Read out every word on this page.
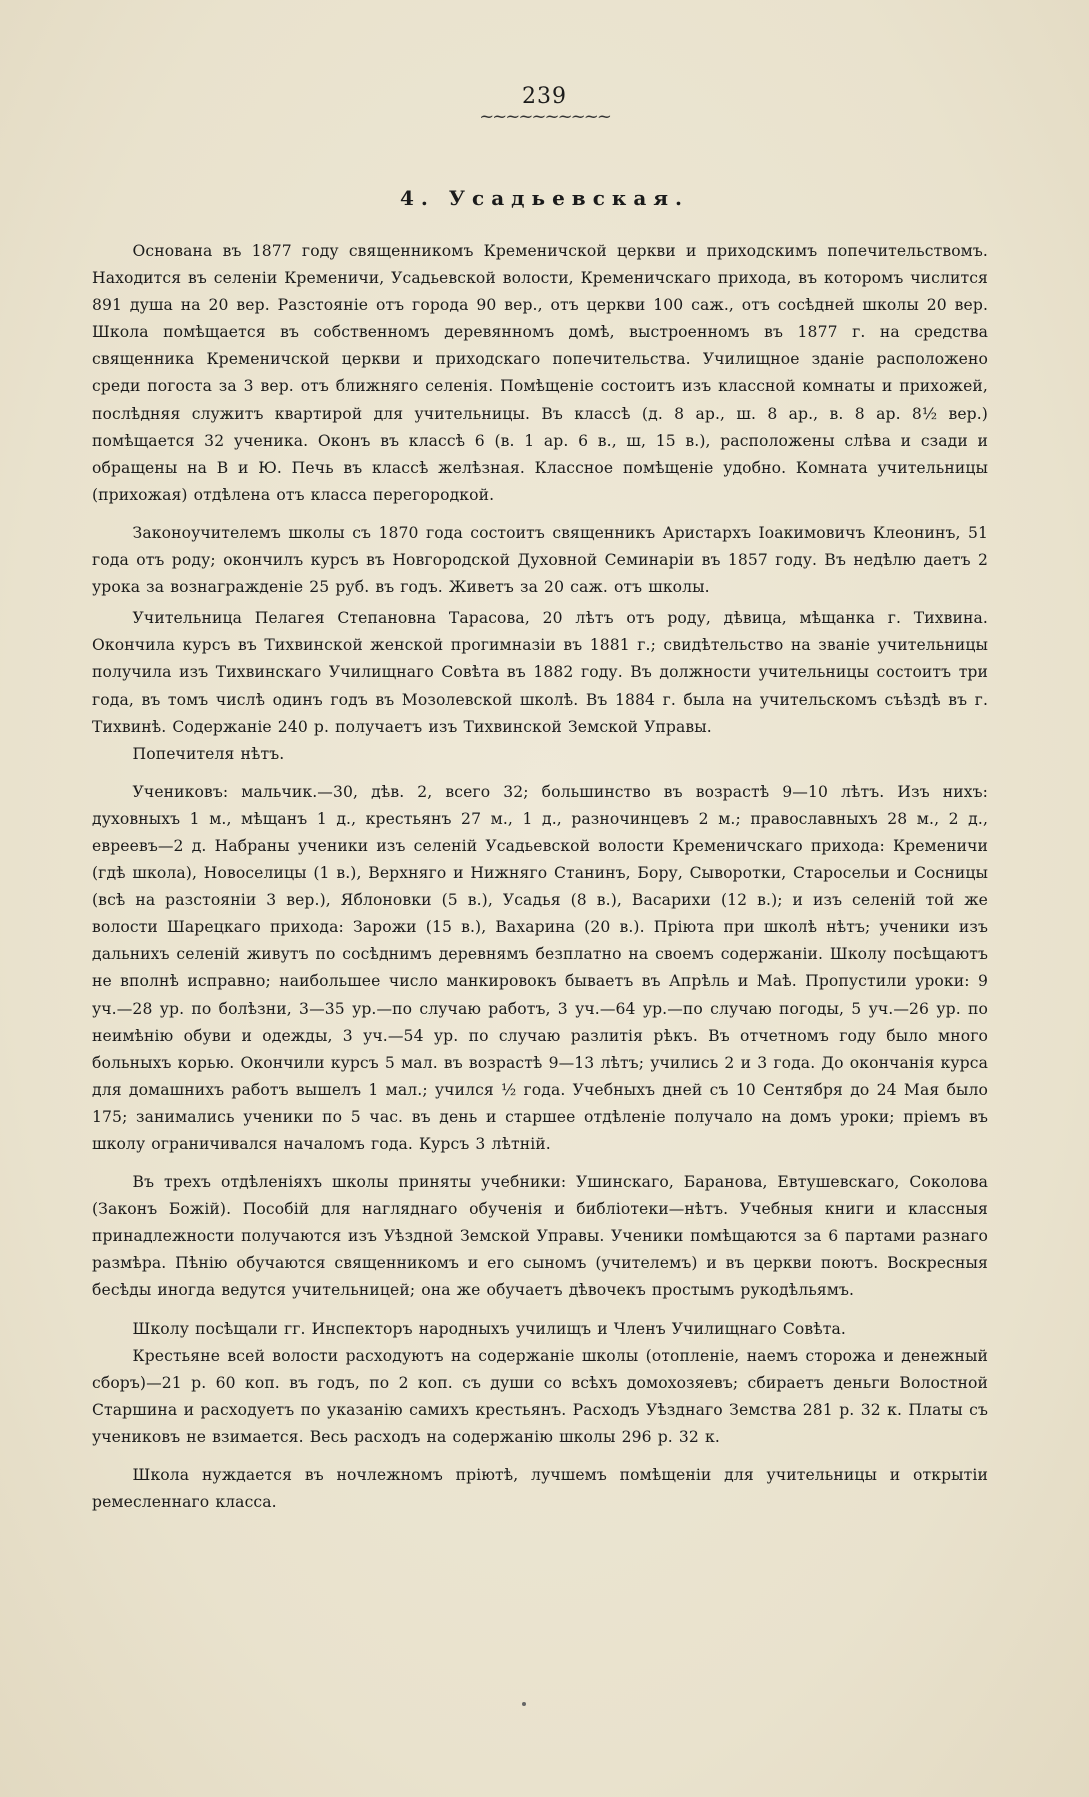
239
~~~~~~~~~~
4. Усадьевская.

Основана въ 1877 году священникомъ Кременичской церкви и приходскимъ попечительствомъ. Находится въ селеніи Кременичи, Усадьевской волости, Кременичскаго прихода, въ которомъ числится 891 душа на 20 вер. Разстояніе отъ города 90 вер., отъ церкви 100 саж., отъ сосѣдней школы 20 вер. Школа помѣщается въ собственномъ деревянномъ домѣ, выстроенномъ въ 1877 г. на средства священника Кременичской церкви и приходскаго попечительства. Училищное зданіе расположено среди погоста за 3 вер. отъ ближняго селенія. Помѣщеніе состоитъ изъ классной комнаты и прихожей, послѣдняя служитъ квартирой для учительницы. Въ классѣ (д. 8 ар., ш. 8 ар., в. 8 ар. 8½ вер.) помѣщается 32 ученика. Оконъ въ классѣ 6 (в. 1 ар. 6 в., ш, 15 в.), расположены слѣва и сзади и обращены на В и Ю. Печь въ классѣ желѣзная. Классное помѣщеніе удобно. Комната учительницы (прихожая) отдѣлена отъ класса перегородкой.

Законоучителемъ школы съ 1870 года состоитъ священникъ Аристархъ Іоакимовичъ Клеонинъ, 51 года отъ роду; окончилъ курсъ въ Новгородской Духовной Семинаріи въ 1857 году. Въ недѣлю даетъ 2 урока за вознагражденіе 25 руб. въ годъ. Живетъ за 20 саж. отъ школы.

Учительница Пелагея Степановна Тарасова, 20 лѣтъ отъ роду, дѣвица, мѣщанка г. Тихвина. Окончила курсъ въ Тихвинской женской прогимназіи въ 1881 г.; свидѣтельство на званіе учительницы получила изъ Тихвинскаго Училищнаго Совѣта въ 1882 году. Въ должности учительницы состоитъ три года, въ томъ числѣ одинъ годъ въ Мозолевской школѣ. Въ 1884 г. была на учительскомъ съѣздѣ въ г. Тихвинѣ. Содержаніе 240 р. получаетъ изъ Тихвинской Земской Управы.

Попечителя нѣтъ.

Учениковъ: мальчик.—30, дѣв. 2, всего 32; большинство въ возрастѣ 9—10 лѣтъ. Изъ нихъ: духовныхъ 1 м., мѣщанъ 1 д., крестьянъ 27 м., 1 д., разночинцевъ 2 м.; православныхъ 28 м., 2 д., евреевъ—2 д. Набраны ученики изъ селеній Усадьевской волости Кременичскаго прихода: Кременичи (гдѣ школа), Новоселицы (1 в.), Верхняго и Нижняго Станинъ, Бору, Сыворотки, Старосельи и Сосницы (всѣ на разстояніи 3 вер.), Яблоновки (5 в.), Усадья (8 в.), Васарихи (12 в.); и изъ селеній той же волости Шарецкаго прихода: Зарожи (15 в.), Вахарина (20 в.). Пріюта при школѣ нѣтъ; ученики изъ дальнихъ селеній живутъ по сосѣднимъ деревнямъ безплатно на своемъ содержаніи. Школу посѣщаютъ не вполнѣ исправно; наибольшее число манкировокъ бываетъ въ Апрѣль и Маѣ. Пропустили уроки: 9 уч.—28 ур. по болѣзни, 3—35 ур.—по случаю работъ, 3 уч.—64 ур.—по случаю погоды, 5 уч.—26 ур. по неимѣнію обуви и одежды, 3 уч.—54 ур. по случаю разлитія рѣкъ. Въ отчетномъ году было много больныхъ корью. Окончили курсъ 5 мал. въ возрастѣ 9—13 лѣтъ; учились 2 и 3 года. До окончанія курса для домашнихъ работъ вышелъ 1 мал.; учился ½ года. Учебныхъ дней съ 10 Сентября до 24 Мая было 175; занимались ученики по 5 час. въ день и старшее отдѣленіе получало на домъ уроки; пріемъ въ школу ограничивался началомъ года. Курсъ 3 лѣтній.

Въ трехъ отдѣленіяхъ школы приняты учебники: Ушинскаго, Баранова, Евтушевскаго, Соколова (Законъ Божій). Пособій для нагляднаго обученія и библіотеки—нѣтъ. Учебныя книги и классныя принадлежности получаются изъ Уѣздной Земской Управы. Ученики помѣщаются за 6 партами разнаго размѣра. Пѣнію обучаются священникомъ и его сыномъ (учителемъ) и въ церкви поютъ. Воскресныя бесѣды иногда ведутся учительницей; она же обучаетъ дѣвочекъ простымъ рукодѣльямъ.

Школу посѣщали гг. Инспекторъ народныхъ училищъ и Членъ Училищнаго Совѣта.

Крестьяне всей волости расходуютъ на содержаніе школы (отопленіе, наемъ сторожа и денежный сборъ)—21 р. 60 коп. въ годъ, по 2 коп. съ души со всѣхъ домохозяевъ; сбираетъ деньги Волостной Старшина и расходуетъ по указанію самихъ крестьянъ. Расходъ Уѣзднаго Земства 281 р. 32 к. Платы съ учениковъ не взимается. Весь расходъ на содержанію школы 296 р. 32 к.

Школа нуждается въ ночлежномъ пріютѣ, лучшемъ помѣщеніи для учительницы и открытіи ремесленнаго класса.
